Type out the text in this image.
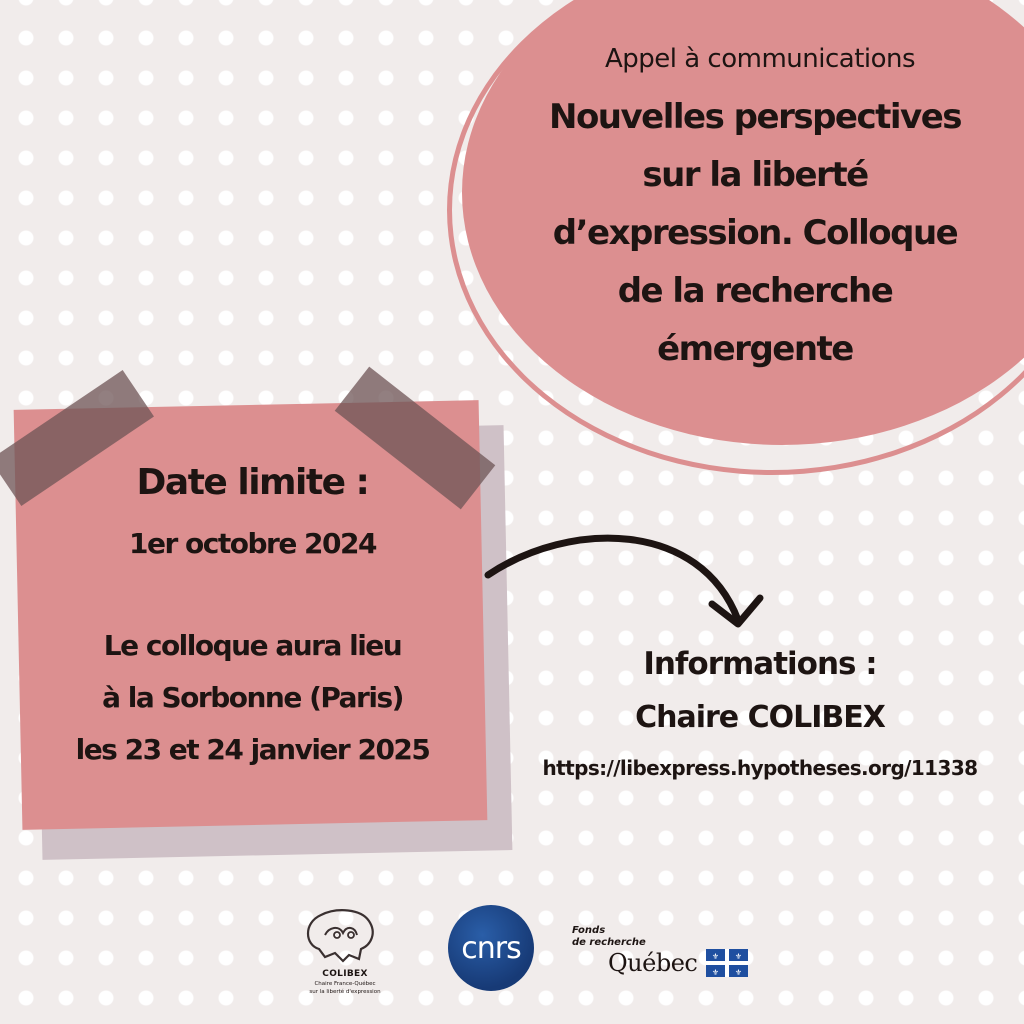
Appel à communications
Nouvelles perspectives
sur la liberté
d’expression. Colloque
de la recherche
émergente
Date limite :
1er octobre 2024
Le colloque aura lieu
à la Sorbonne (Paris)
les 23 et 24 janvier 2025
Informations :
Chaire COLIBEX
https://libexpress.hypotheses.org/11338
COLIBEX
Chaire France-Québec
sur la liberté d'expression
cnrs	Fonds
de recherche
Québec ⚜ ⚜
⚜ ⚜
